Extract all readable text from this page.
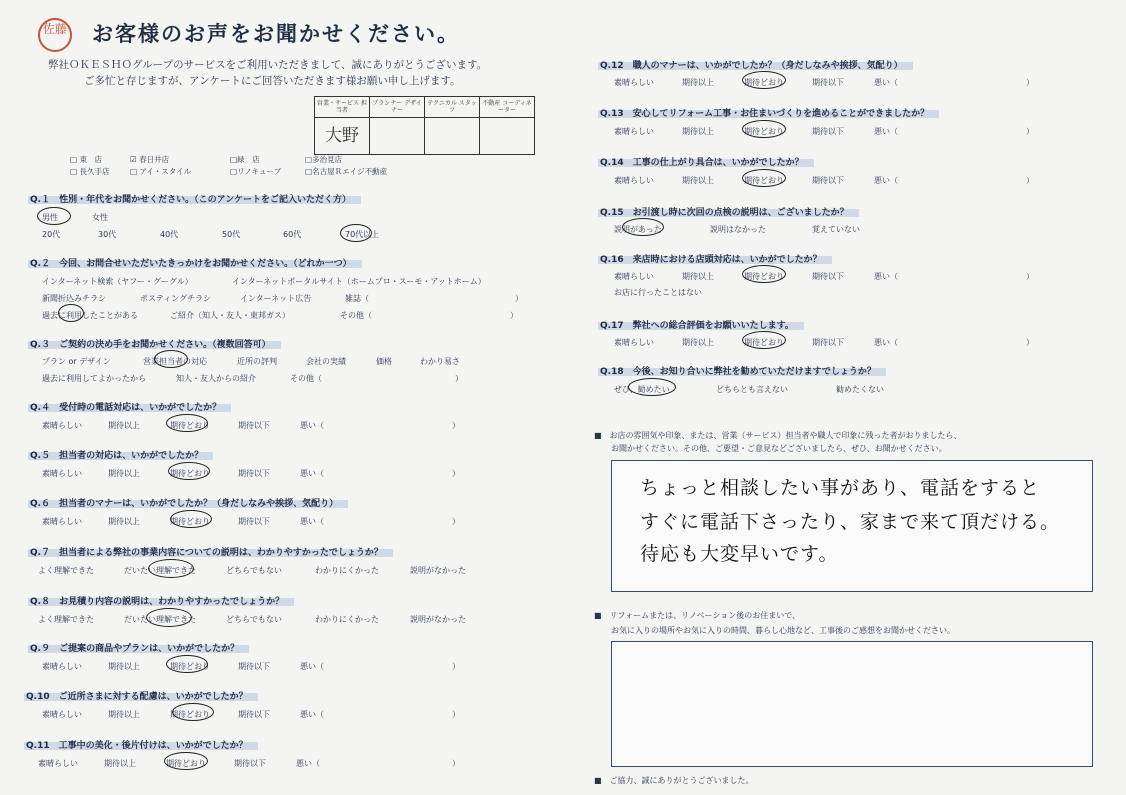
佐藤 お客様のお声をお聞かせください。
弊社ＯＫＥＳＨＯグループのサービスをご利用いただきまして、誠にありがとうございます。
ご多忙と存じますが、アンケートにご回答いただきます様お願い申し上げます。
営業・サービス 担当者	プランナー デザイナー	テクニカル スタッフ	不動産 コーディネーター
大野			
□ 東　店	☑ 春日井店	□緑　店	□多治見店
□ 長久手店	□ アイ・スタイル	□リノキューブ	□名古屋Ｒエイジ不動産
Q.１　性別・年代をお聞かせください。（このアンケートをご記入いただく方）
男性	女性
20代	30代	40代	50代	60代	70代以上
Q.２　今回、お問合せいただいたきっかけをお聞かせください。（どれか一つ）
インターネット検索（ヤフー・グーグル）	インターネットポータルサイト（ホームプロ・スーモ・アットホーム）
新聞折込みチラシ	ポスティングチラシ	インターネット広告	雑誌（	）
過去に利用したことがある	ご紹介（知人・友人・東邦ガス）	その他（	）
Q.３　ご契約の決め手をお聞かせください。（複数回答可）
プラン or デザイン	営業担当者の対応	近所の評判	会社の実績	価格	わかり易さ
過去に利用してよかったから	知人・友人からの紹介	その他（	）
Q.４　受付時の電話対応は、いかがでしたか？
素晴らしい	期待以上	期待どおり	期待以下	悪い（	）
Q.５　担当者の対応は、いかがでしたか？
素晴らしい	期待以上	期待どおり	期待以下	悪い（	）
Q.６　担当者のマナーは、いかがでしたか？（身だしなみや挨拶、気配り）
素晴らしい	期待以上	期待どおり	期待以下	悪い（	）
Q.７　担当者による弊社の事業内容についての説明は、わかりやすかったでしょうか？
よく理解できた	だいたい理解できた	どちらでもない	わかりにくかった	説明がなかった
Q.８　お見積り内容の説明は、わかりやすかったでしょうか？
よく理解できた	だいたい理解できた	どちらでもない	わかりにくかった	説明がなかった
Q.９　ご提案の商品やプランは、いかがでしたか？
素晴らしい	期待以上	期待どおり	期待以下	悪い（	）
Q.10　ご近所さまに対する配慮は、いかがでしたか？
素晴らしい	期待以上	期待どおり	期待以下	悪い（	）
Q.11　工事中の美化・後片付けは、いかがでしたか？
素晴らしい	期待以上	期待どおり	期待以下	悪い（	）
Q.12　職人のマナーは、いかがでしたか？（身だしなみや挨拶、気配り）
素晴らしい	期待以上	期待どおり	期待以下	悪い（	）
Q.13　安心してリフォーム工事・お住まいづくりを進めることができましたか？
素晴らしい	期待以上	期待どおり	期待以下	悪い（	）
Q.14　工事の仕上がり具合は、いかがでしたか？
素晴らしい	期待以上	期待どおり	期待以下	悪い（	）
Q.15　お引渡し時に次回の点検の説明は、ございましたか？
説明があった	説明はなかった	覚えていない
Q.16　来店時における店頭対応は、いかがでしたか？
素晴らしい	期待以上	期待どおり	期待以下	悪い（	）
お店に行ったことはない
Q.17　弊社への総合評価をお願いいたします。
素晴らしい	期待以上	期待どおり	期待以下	悪い（	）
Q.18　今後、お知り合いに弊社を勧めていただけますでしょうか？
ぜひ、勧めたい	どちらとも言えない	勧めたくない
■　お店の雰囲気や印象、または、営業（サービス）担当者や職人で印象に残った者がおりましたら、
お聞かせください。その他、ご要望・ご意見などございましたら、ぜひ、お聞かせください。
ちょっと相談したい事があり、電話をすると
すぐに電話下さったり、家まで来て頂だける。
待応も大変早いです。
■　リフォームまたは、リノベーション後のお住まいで、
お気に入りの場所やお気に入りの時間、暮らし心地など、工事後のご感想をお聞かせください。
■　ご協力、誠にありがとうございました。
